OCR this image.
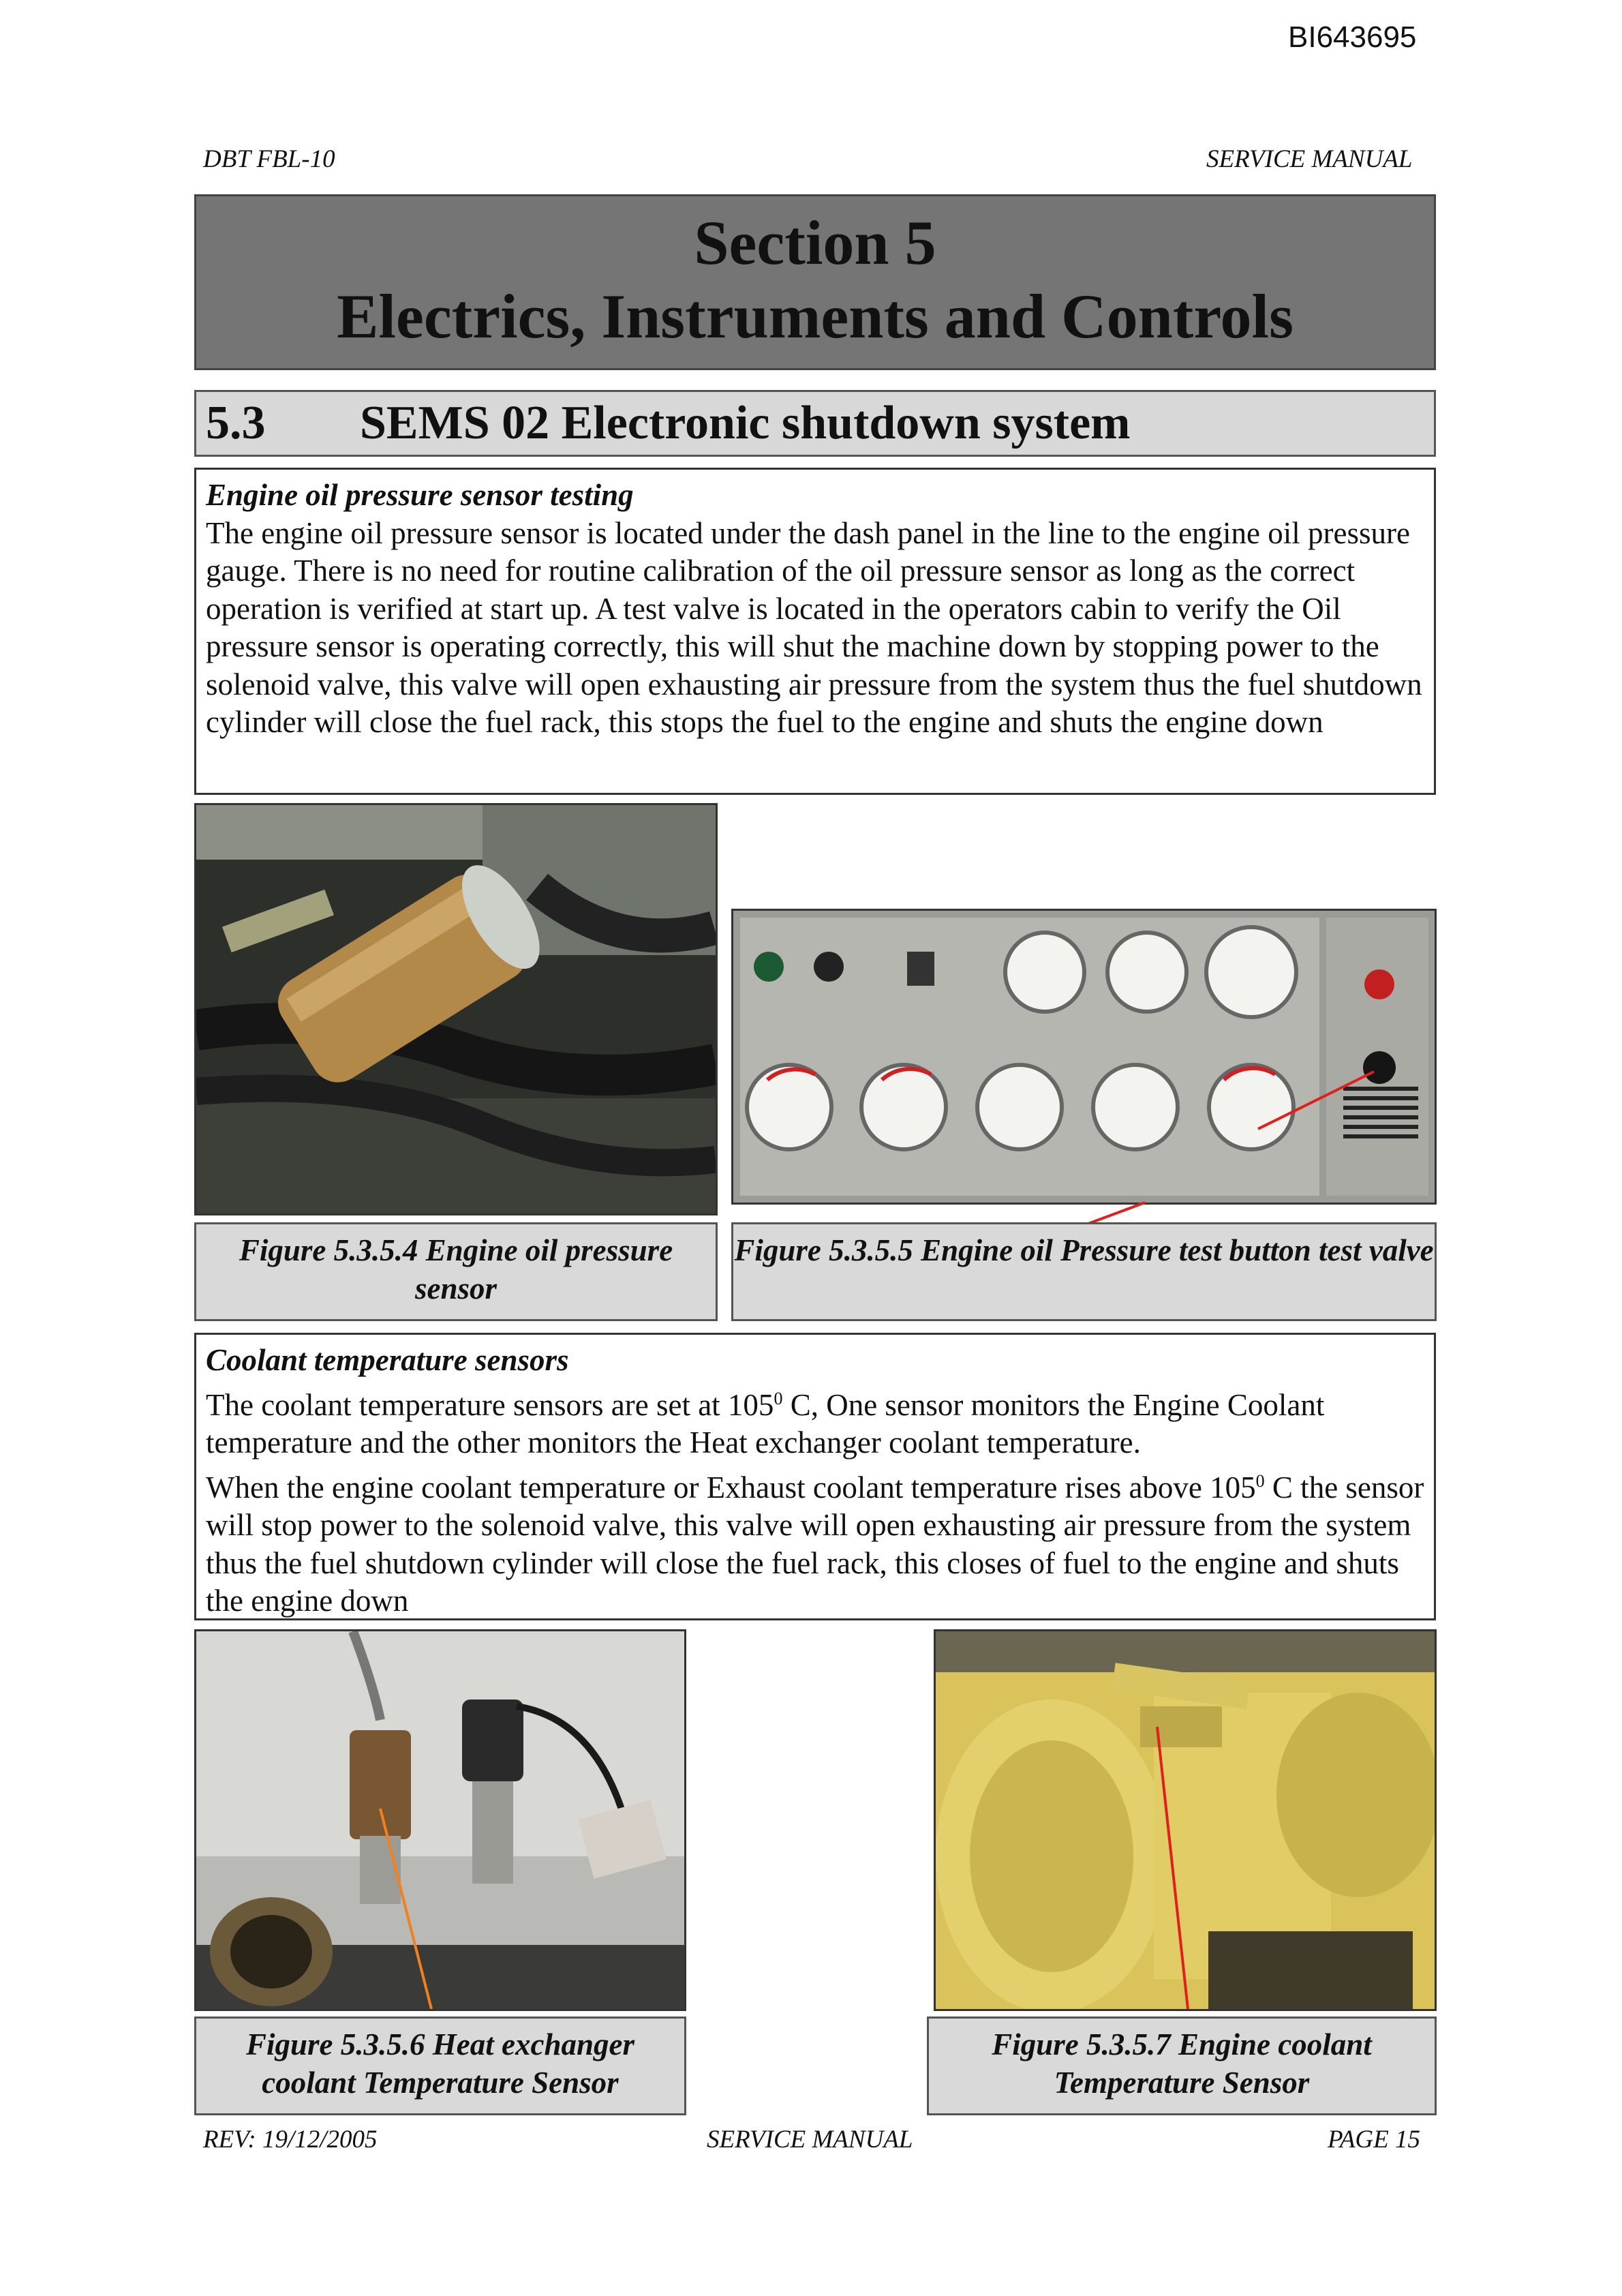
BI643695
DBT FBL-10	SERVICE MANUAL
Section 5
Electrics, Instruments and Controls
5.3 SEMS 02 Electronic shutdown system
Engine oil pressure sensor testing
The engine oil pressure sensor is located under the dash panel in the line to the engine oil pressure gauge. There is no need for routine calibration of the oil pressure sensor as long as the correct operation is verified at start up. A test valve is located in the operators cabin to verify the Oil pressure sensor is operating correctly, this will shut the machine down by stopping power to the solenoid valve, this valve will open exhausting air pressure from the system thus the fuel shutdown cylinder will close the fuel rack, this stops the fuel to the engine and shuts the engine down
Figure 5.3.5.4 Engine oil pressure sensor
Figure 5.3.5.5 Engine oil Pressure test button test valve
Coolant temperature sensors
The coolant temperature sensors are set at $105^0$ C, One sensor monitors the Engine Coolant temperature and the other monitors the Heat exchanger coolant temperature.
When the engine coolant temperature or Exhaust coolant temperature rises above $105^0$ C the sensor will stop power to the solenoid valve, this valve will open exhausting air pressure from the system thus the fuel shutdown cylinder will close the fuel rack, this closes of fuel to the engine and shuts the engine down
Figure 5.3.5.6 Heat exchanger coolant Temperature Sensor
Figure 5.3.5.7 Engine coolant Temperature Sensor
REV: 19/12/2005	SERVICE MANUAL	PAGE 15
